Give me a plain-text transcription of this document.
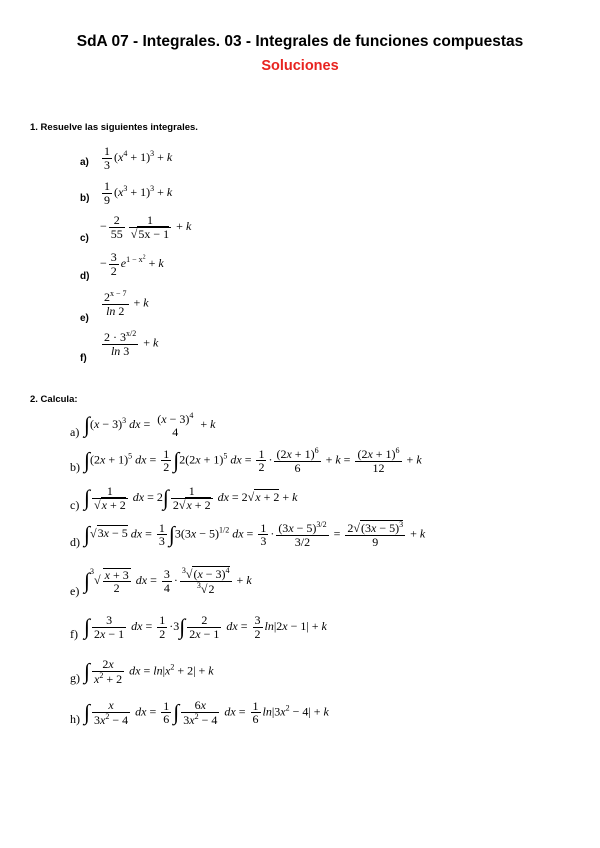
SdA 07 - Integrales. 03 - Integrales de funciones compuestas
Soluciones
1. Resuelve las siguientes integrales.
$a) \frac{1}{3} (x^4 + 1)^3 + k$
$b) \frac{1}{9} (x^3 + 1)^3 + k$
c)
− $\frac{2}{55} \frac{1}{√5x - 1} + k$
d)
− $\frac{3}{2} e^{1 - x^2} + k$
e)
$\frac{2^{x - 7}}{\ln 2} + k$
f)
$\frac{2 \cdot 3^{x/2}}{\ln 3} + k$
2. Calcula:
a) $\int(x - 3)^3$ dx = $(x - 3)^4$
4
+ k
b) $\int(2x + 1)^5$ dx = $\frac{1}{2} \int 2(2x + 1)^5$ dx = $\frac{1}{2} \cdot \frac{(2x + 1)^6}{6} + k = \frac{(2x + 1)^6}{12} + k$
c) ∫ $\frac{1}{√x + 2}$ dx = $2\int \frac{1}{2√x + 2}$ dx = 2√x + 2 + k
d) ∫√3x − 5 dx = $\frac{1}{3} \int 3(3x - 5)^{1/2}$ dx = $\frac{1}{3} \cdot \frac{(3x - 5)^{3/2}}{3/2} = \frac{2√(3x - 5)^3}{9} + k$
e) $\int^3√ \frac{x + 3}{2}$ dx = $\frac{3}{4} \cdot \frac{^3√(x - 3)^4}{^3√2} + k$
f) ∫ $\frac{3}{2x - 1}$ dx = $\frac{1}{2} \cdot 3\int \frac{2}{2x - 1}$ dx = $\frac{3}{2} \ln|2x - 1| + k$
g) ∫ $\frac{2x}{x^2 + 2}$ dx = $\ln|x^2 + 2| + k$
h) ∫ $\frac{x}{3x^2 - 4}$ dx = $\frac{1}{6}$ ∫ $\frac{6x}{3x^2 - 4}$ dx = $\frac{1}{6} \ln|3x^2 - 4| + k$
